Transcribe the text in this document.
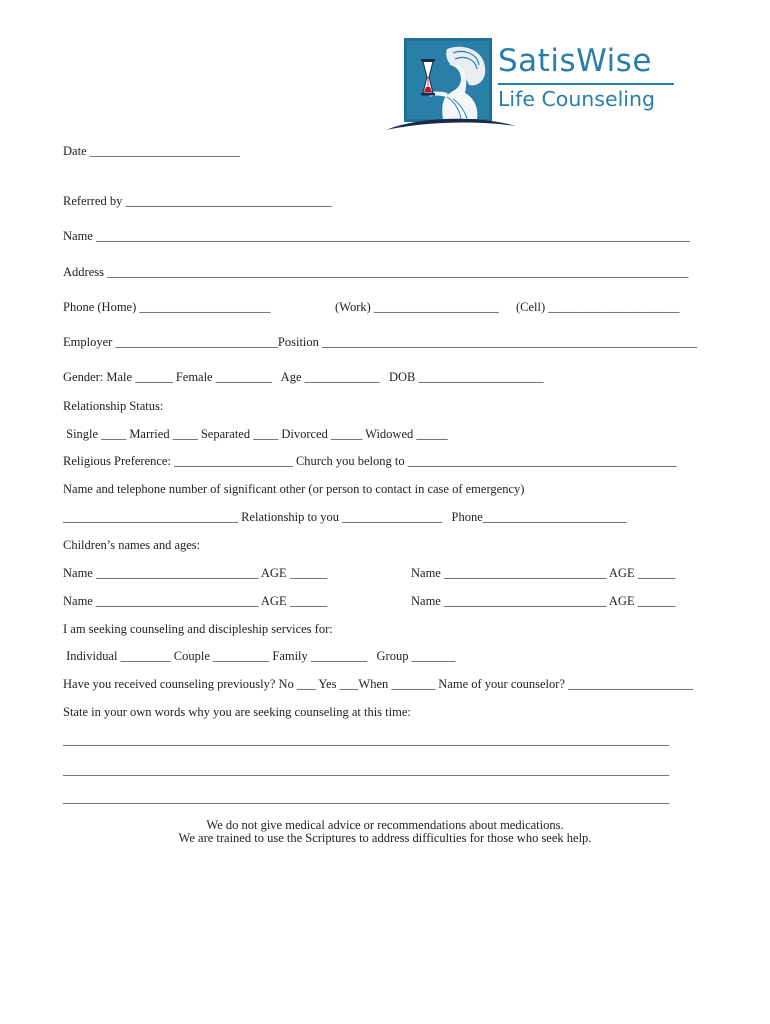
SatisWise
Life Counseling
Date ________________________
Referred by _________________________________
Name _______________________________________________________________________________________________
Address _____________________________________________________________________________________________
Phone (Home) _____________________	(Work) ____________________ (Cell) _____________________
Employer __________________________Position ____________________________________________________________
Gender: Male ______ Female _________   Age ____________   DOB ____________________
Relationship Status:
Single ____ Married ____ Separated ____ Divorced _____ Widowed _____
Religious Preference: ___________________ Church you belong to ___________________________________________
Name and telephone number of significant other (or person to contact in case of emergency)
____________________________ Relationship to you ________________   Phone_______________________
Children’s names and ages:
Name __________________________ AGE ______	Name __________________________ AGE ______
Name __________________________ AGE ______	Name __________________________ AGE ______
I am seeking counseling and discipleship services for:
Individual ________ Couple _________ Family _________   Group _______
Have you received counseling previously? No ___ Yes ___When _______ Name of your counselor? ____________________
State in your own words why you are seeking counseling at this time:
_________________________________________________________________________________________________
_________________________________________________________________________________________________
_________________________________________________________________________________________________
We do not give medical advice or recommendations about medications.
We are trained to use the Scriptures to address difficulties for those who seek help.
